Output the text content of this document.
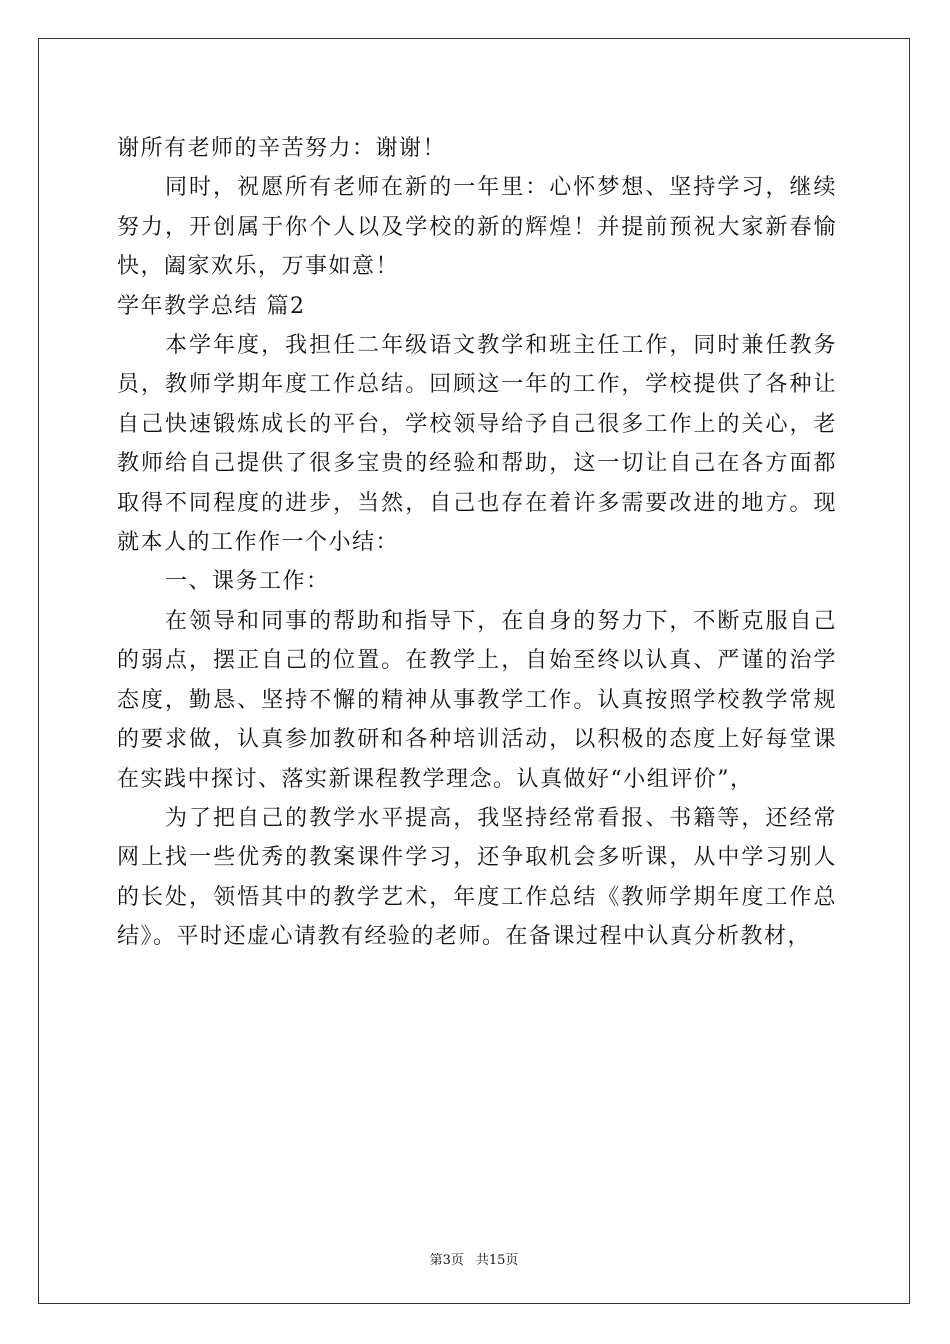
谢所有老师的辛苦努力：谢谢！

同时，祝愿所有老师在新的一年里：心怀梦想、坚持学习，继续努力，开创属于你个人以及学校的新的辉煌！并提前预祝大家新春愉快，阖家欢乐，万事如意！

学年教学总结 篇2

本学年度，我担任二年级语文教学和班主任工作，同时兼任教务员，教师学期年度工作总结。回顾这一年的工作，学校提供了各种让自己快速锻炼成长的平台，学校领导给予自己很多工作上的关心，老教师给自己提供了很多宝贵的经验和帮助，这一切让自己在各方面都取得不同程度的进步，当然，自己也存在着许多需要改进的地方。现就本人的工作作一个小结：

一、课务工作：

在领导和同事的帮助和指导下，在自身的努力下，不断克服自己的弱点，摆正自己的位置。在教学上，自始至终以认真、严谨的治学态度，勤恳、坚持不懈的精神从事教学工作。认真按照学校教学常规的要求做，认真参加教研和各种培训活动，以积极的态度上好每堂课在实践中探讨、落实新课程教学理念。认真做好“小组评价”，

为了把自己的教学水平提高，我坚持经常看报、书籍等，还经常网上找一些优秀的教案课件学习，还争取机会多听课，从中学习别人的长处，领悟其中的教学艺术，年度工作总结《教师学期年度工作总结》。平时还虚心请教有经验的老师。在备课过程中认真分析教材，

第3页 共15页
